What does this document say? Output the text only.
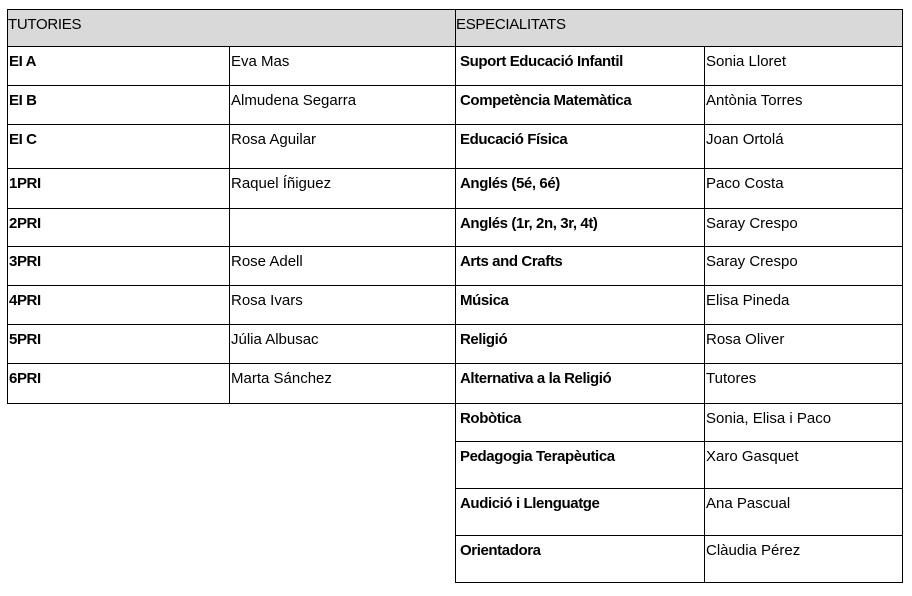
TUTORIES	ESPECIALITATS
EI A	Eva Mas
EI B	Almudena Segarra
EI C	Rosa Aguilar
1PRI	Raquel Íñiguez
2PRI
3PRI	Rose Adell
4PRI	Rosa Ivars
5PRI	Júlia Albusac
6PRI	Marta Sánchez
Suport Educació Infantil	Sonia Lloret
Competència Matemàtica	Antònia Torres
Educació Física	Joan Ortolá
Anglés (5é, 6é)	Paco Costa
Anglés (1r, 2n, 3r, 4t)	Saray Crespo
Arts and Crafts	Saray Crespo
Música	Elisa Pineda
Religió	Rosa Oliver
Alternativa a la Religió	Tutores
Robòtica	Sonia, Elisa i Paco
Pedagogia Terapèutica	Xaro Gasquet
Audició i Llenguatge	Ana Pascual
Orientadora	Clàudia Pérez
